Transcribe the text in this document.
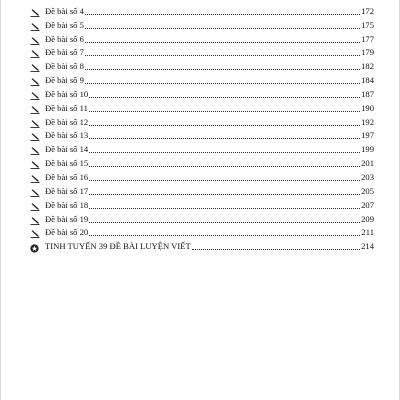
Đề bài số 4	172
Đề bài số 5	175
Đề bài số 6	177
Đề bài số 7	179
Đề bài số 8	182
Đề bài số 9	184
Đề bài số 10	187
Đề bài số 11	190
Đề bài số 12	192
Đề bài số 13	197
Đề bài số 14	199
Đề bài số 15	201
Đề bài số 16	203
Đề bài số 17	205
Đề bài số 18	207
Đề bài số 19	209
Đề bài số 20	211
TINH TUYỂN 39 ĐỀ BÀI LUYỆN VIẾT	214
